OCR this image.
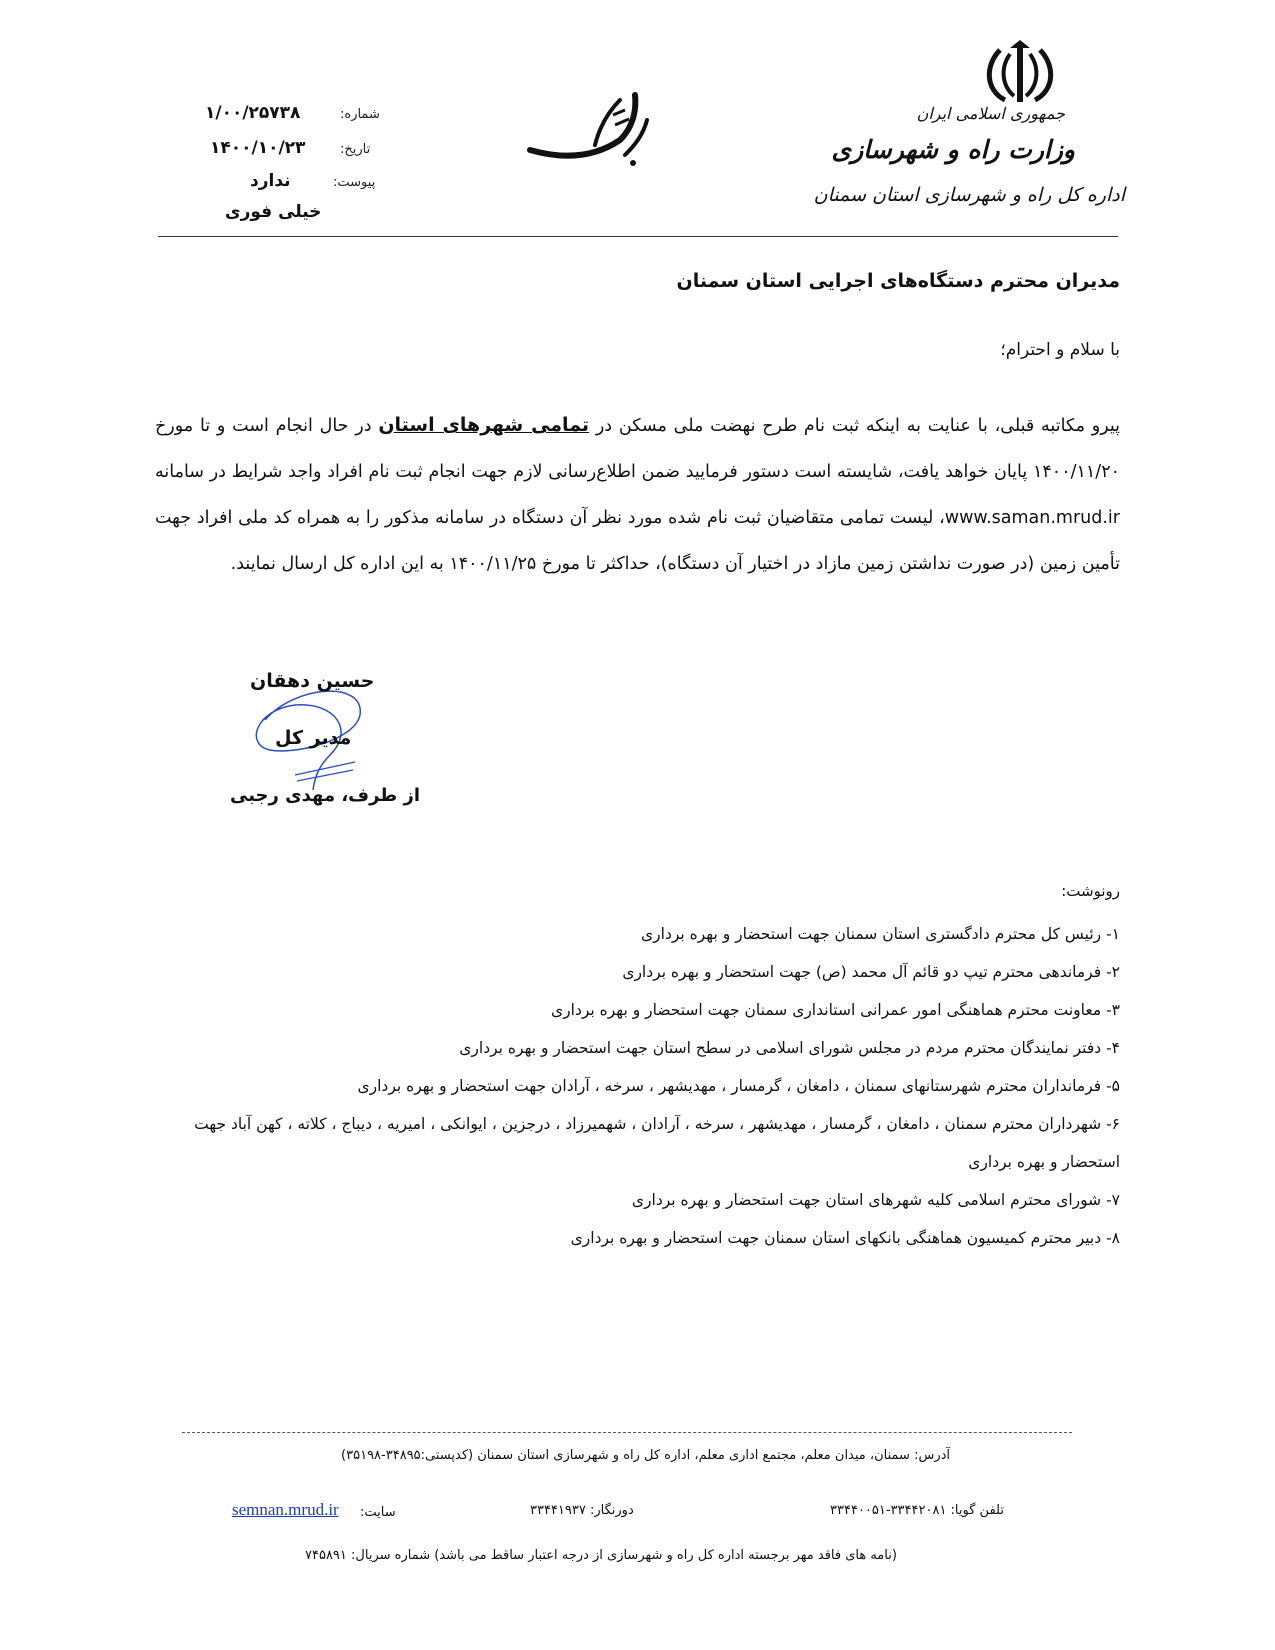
جمهوری اسلامی ایران
وزارت راه و شهرسازی
اداره کل راه و شهرسازی استان سمنان
شماره:
۱/۰۰/۲۵۷۳۸
تاریخ:
۱۴۰۰/۱۰/۲۳
پیوست:
ندارد
خیلی فوری
مدیران محترم دستگاه‌های اجرایی استان سمنان
با سلام و احترام؛
پیرو مکاتبه قبلی، با عنایت به اینکه ثبت نام طرح نهضت ملی مسکن در تمامی شهرهای استان در حال انجام است و تا مورخ ۱۴۰۰/۱۱/۲۰ پایان خواهد یافت، شایسته است دستور فرمایید ضمن اطلاع‌رسانی لازم جهت انجام ثبت نام افراد واجد شرایط در سامانه www.saman.mrud.ir، لیست تمامی متقاضیان ثبت نام شده مورد نظر آن دستگاه در سامانه مذکور را به همراه کد ملی افراد جهت تأمین زمین (در صورت نداشتن زمین مازاد در اختیار آن دستگاه)، حداکثر تا مورخ ۱۴۰۰/۱۱/۲۵ به این اداره کل ارسال نمایند.
حسین دهقان
مدیر کل
از طرف، مهدی رجبی
رونوشت:
۱- رئیس کل محترم دادگستری استان سمنان جهت استحضار و بهره برداری
۲- فرماندهی محترم تیپ دو قائم آل محمد (ص) جهت استحضار و بهره برداری
۳- معاونت محترم هماهنگی امور عمرانی استانداری سمنان جهت استحضار و بهره برداری
۴- دفتر نمایندگان محترم مردم در مجلس شورای اسلامی در سطح استان جهت استحضار و بهره برداری
۵- فرمانداران محترم شهرستانهای سمنان ، دامغان ، گرمسار ، مهدیشهر ، سرخه ، آرادان جهت استحضار و بهره برداری
۶- شهرداران محترم سمنان ، دامغان ، گرمسار ، مهدیشهر ، سرخه ، آرادان ، شهمیرزاد ، درجزین ، ایوانکی ، امیریه ، دیباج ، کلاته ، کهن آباد جهت استحضار و بهره برداری
۷- شورای محترم اسلامی کلیه شهرهای استان جهت استحضار و بهره برداری
۸- دبیر محترم کمیسیون هماهنگی بانکهای استان سمنان جهت استحضار و بهره برداری
آدرس: سمنان، میدان معلم، مجتمع اداری معلم، اداره کل راه و شهرسازی استان سمنان (کدپستی:۳۴۸۹۵-۳۵۱۹۸)
سایت:
semnan.mrud.ir	دورنگار: ۳۳۴۴۱۹۳۷	تلفن گویا: ۳۳۴۴۲۰۸۱-۳۳۴۴۰۰۵۱
(نامه های فاقد مهر برجسته اداره کل راه و شهرسازی از درجه اعتبار ساقط می باشد) شماره سریال: ۷۴۵۸۹۱
